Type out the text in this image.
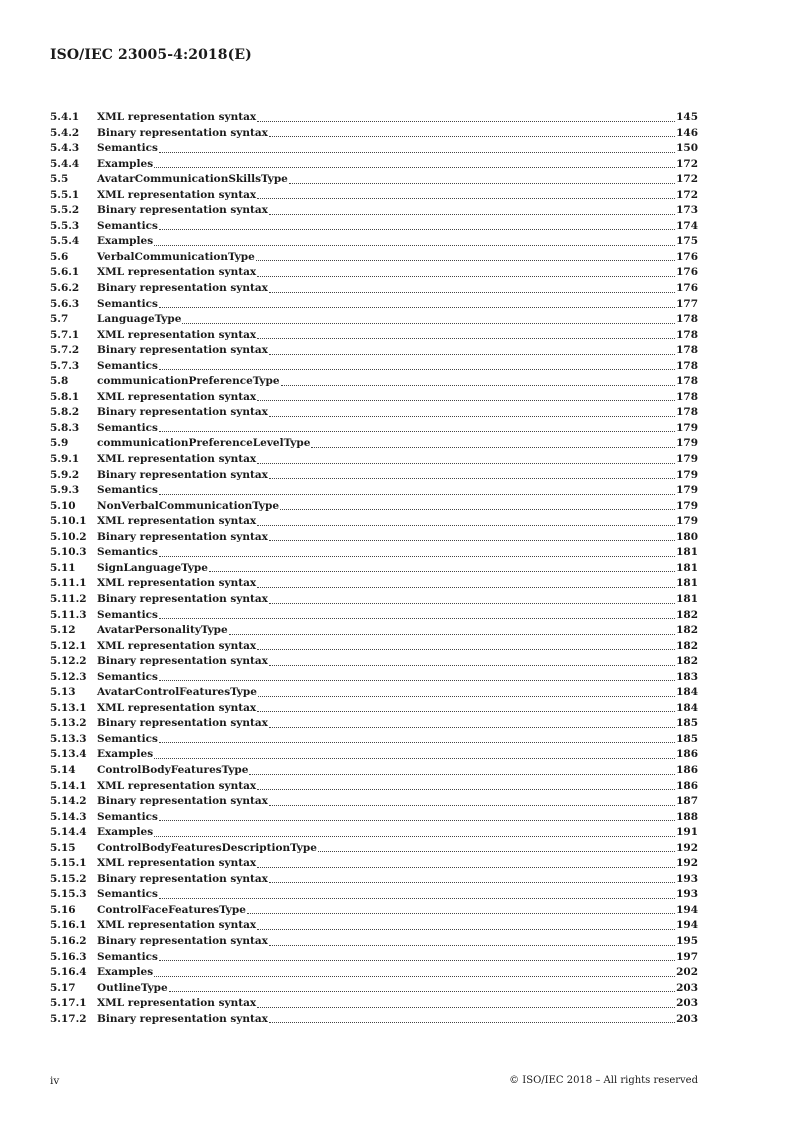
ISO/IEC 23005-4:2018(E)
5.4.1	XML representation syntax	145
5.4.2	Binary representation syntax	146
5.4.3	Semantics	150
5.4.4	Examples	172
5.5	AvatarCommunicationSkillsType	172
5.5.1	XML representation syntax	172
5.5.2	Binary representation syntax	173
5.5.3	Semantics	174
5.5.4	Examples	175
5.6	VerbalCommunicationType	176
5.6.1	XML representation syntax	176
5.6.2	Binary representation syntax	176
5.6.3	Semantics	177
5.7	LanguageType	178
5.7.1	XML representation syntax	178
5.7.2	Binary representation syntax	178
5.7.3	Semantics	178
5.8	communicationPreferenceType	178
5.8.1	XML representation syntax	178
5.8.2	Binary representation syntax	178
5.8.3	Semantics	179
5.9	communicationPreferenceLevelType	179
5.9.1	XML representation syntax	179
5.9.2	Binary representation syntax	179
5.9.3	Semantics	179
5.10	NonVerbalCommunicationType	179
5.10.1 XML representation syntax	179
5.10.2 Binary representation syntax	180
5.10.3 Semantics	181
5.11	SignLanguageType	181
5.11.1 XML representation syntax	181
5.11.2 Binary representation syntax	181
5.11.3 Semantics	182
5.12	AvatarPersonalityType	182
5.12.1 XML representation syntax	182
5.12.2 Binary representation syntax	182
5.12.3 Semantics	183
5.13	AvatarControlFeaturesType	184
5.13.1 XML representation syntax	184
5.13.2 Binary representation syntax	185
5.13.3 Semantics	185
5.13.4 Examples	186
5.14	ControlBodyFeaturesType	186
5.14.1 XML representation syntax	186
5.14.2 Binary representation syntax	187
5.14.3 Semantics	188
5.14.4 Examples	191
5.15	ControlBodyFeaturesDescriptionType	192
5.15.1 XML representation syntax	192
5.15.2 Binary representation syntax	193
5.15.3 Semantics	193
5.16	ControlFaceFeaturesType	194
5.16.1 XML representation syntax	194
5.16.2 Binary representation syntax	195
5.16.3 Semantics	197
5.16.4 Examples	202
5.17	OutlineType	203
5.17.1 XML representation syntax	203
5.17.2 Binary representation syntax	203
iv	© ISO/IEC 2018 – All rights reserved
